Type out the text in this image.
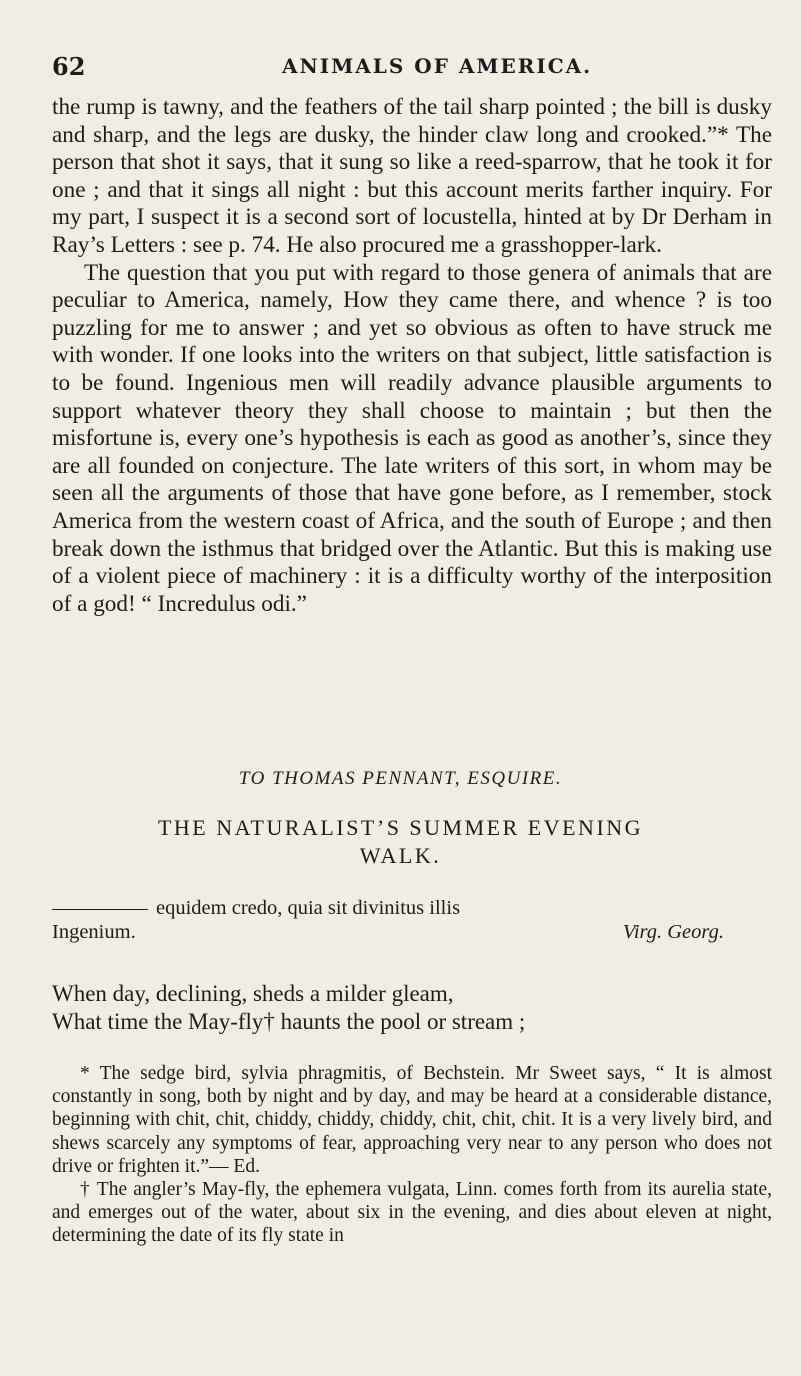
62	ANIMALS OF AMERICA.

the rump is tawny, and the feathers of the tail sharp pointed ; the bill is dusky and sharp, and the legs are dusky, the hinder claw long and crooked.”* The person that shot it says, that it sung so like a reed-sparrow, that he took it for one ; and that it sings all night : but this account merits farther inquiry. For my part, I suspect it is a second sort of locustella, hinted at by Dr Derham in Ray’s Letters : see p. 74. He also procured me a grasshopper-lark.

The question that you put with regard to those genera of animals that are peculiar to America, namely, How they came there, and whence ? is too puzzling for me to answer ; and yet so obvious as often to have struck me with wonder. If one looks into the writers on that subject, little satisfaction is to be found. Ingenious men will readily advance plausible arguments to support whatever theory they shall choose to maintain ; but then the misfortune is, every one’s hypothesis is each as good as another’s, since they are all founded on conjecture. The late writers of this sort, in whom may be seen all the arguments of those that have gone before, as I remember, stock America from the western coast of Africa, and the south of Europe ; and then break down the isthmus that bridged over the Atlantic. But this is making use of a violent piece of machinery : it is a difficulty worthy of the interposition of a god! “ Incredulus odi.”

TO THOMAS PENNANT, ESQUIRE.
THE NATURALIST’S SUMMER EVENING
WALK.
equidem credo, quia sit divinitus illis
Ingenium.	Virg. Georg.
When day, declining, sheds a milder gleam,
What time the May-fly† haunts the pool or stream ;

* The sedge bird, sylvia phragmitis, of Bechstein. Mr Sweet says, “ It is almost constantly in song, both by night and by day, and may be heard at a considerable distance, beginning with chit, chit, chiddy, chiddy, chiddy, chit, chit, chit. It is a very lively bird, and shews scarcely any symptoms of fear, approaching very near to any person who does not drive or frighten it.”— Ed.

† The angler’s May-fly, the ephemera vulgata, Linn. comes forth from its aurelia state, and emerges out of the water, about six in the evening, and dies about eleven at night, determining the date of its fly state in
